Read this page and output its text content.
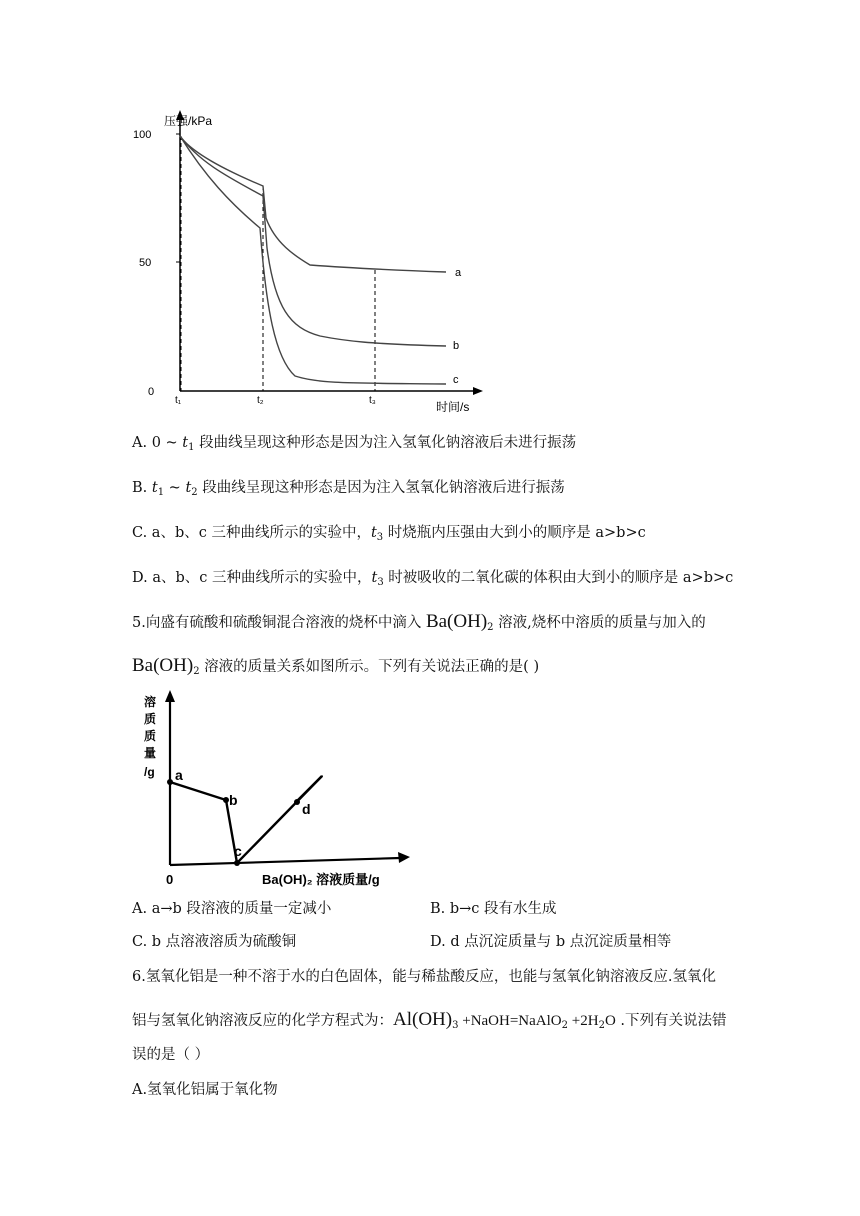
100
50
0
压强/kPa
t₁	t₂	t₃	时间/s
a
b
c
A. 0 ~ $t_1$ 段曲线呈现这种形态是因为注入氢氧化钠溶液后未进行振荡
B. $t_1$ ~ $t_2$ 段曲线呈现这种形态是因为注入氢氧化钠溶液后进行振荡
C. a、b、c 三种曲线所示的实验中，$t_3$ 时烧瓶内压强由大到小的顺序是 a>b>c
D. a、b、c 三种曲线所示的实验中，$t_3$ 时被吸收的二氧化碳的体积由大到小的顺序是 a>b>c
5.向盛有硫酸和硫酸铜混合溶液的烧杯中滴入 $Ba(OH)_2$ 溶液,烧杯中溶质的质量与加入的
$Ba(OH)_2$ 溶液的质量关系如图所示。下列有关说法正确的是( )
溶
质
质
量
/g a
b
c
d
0	Ba(OH)₂ 溶液质量/g
A. a→b 段溶液的质量一定减小	B. b→c 段有水生成
C. b 点溶液溶质为硫酸铜	D. d 点沉淀质量与 b 点沉淀质量相等
6.氢氧化铝是一种不溶于水的白色固体，能与稀盐酸反应，也能与氢氧化钠溶液反应.氢氧化
铝与氢氧化钠溶液反应的化学方程式为：$Al(OH)_3$ +NaOH=NaAlO$_2$ $+2H_2O$ .下列有关说法错
误的是（ ）
A.氢氧化铝属于氧化物
